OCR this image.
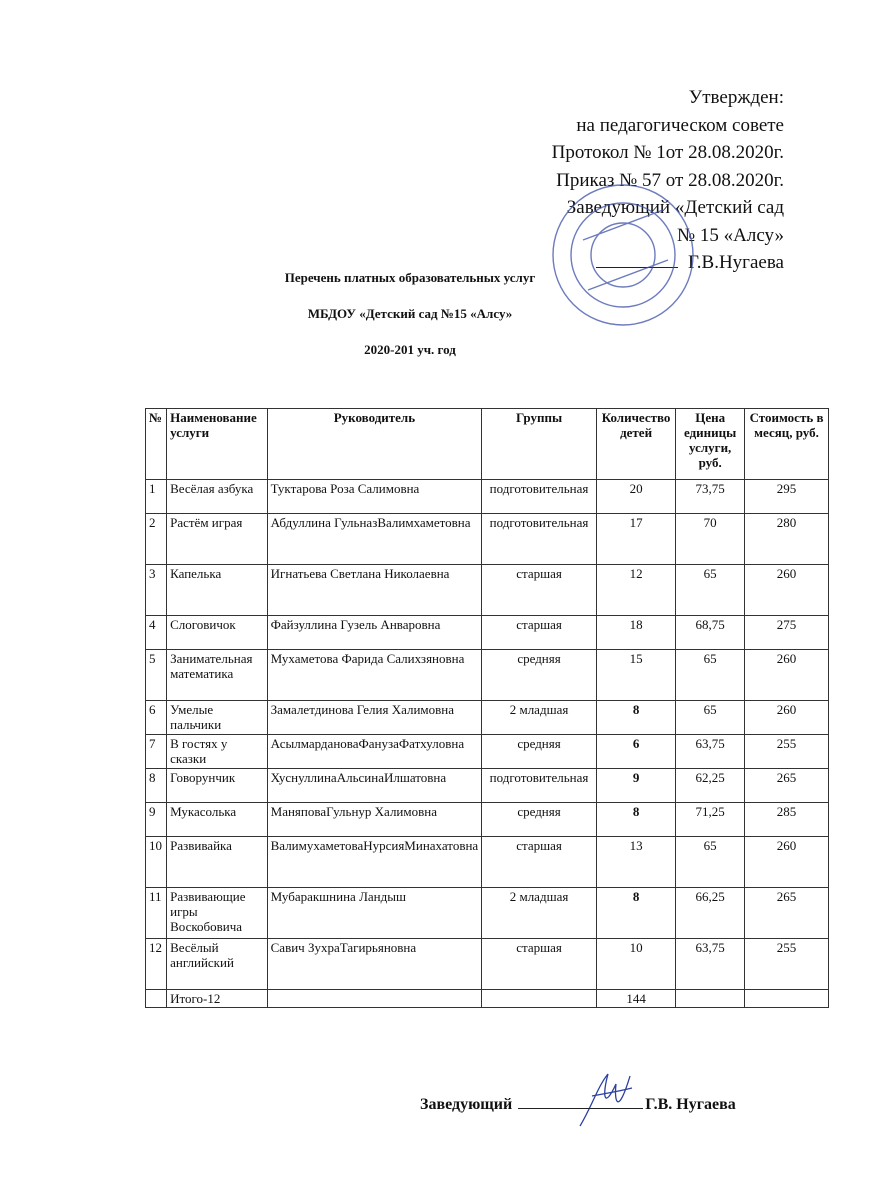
Утвержден:
на педагогическом совете
Протокол № 1от 28.08.2020г.
Приказ № 57 от 28.08.2020г.
Заведующий «Детский сад
№ 15 «Алсу»
Г.В.Нугаева
Перечень платных образовательных услуг
МБДОУ «Детский сад №15 «Алсу»
2020-201 уч. год
№	Наименование услуги	Руководитель	Группы	Количество детей	Цена единицы услуги, руб.	Стоимость в месяц, руб.
1	Весёлая азбука	Туктарова Роза Салимовна	подготовительная	20	73,75	295
2	Растём играя	Абдуллина ГульназВалимхаметовна	подготовительная	17	70	280
3	Капелька	Игнатьева Светлана Николаевна	старшая	12	65	260
4	Слоговичок	Файзуллина Гузель Анваровна	старшая	18	68,75	275
5	Занимательная математика	Мухаметова Фарида Салихзяновна	средняя	15	65	260
6	Умелые пальчики	Замалетдинова Гелия Халимовна	2 младшая	8	65	260
7	В гостях у сказки	АсылмардановаФанузаФатхуловна	средняя	6	63,75	255
8	Говорунчик	ХуснуллинаАльсинаИлшатовна	подготовительная	9	62,25	265
9	Мукасолька	МаняповаГульнур Халимовна	средняя	8	71,25	285
10	Развивайка	ВалимухаметоваНурсияМинахатовна	старшая	13	65	260
11	Развивающие игры Воскобовича	Мубаракшнина Ландыш	2 младшая	8	66,25	265
12	Весёлый английский	Савич ЗухраТагирьяновна	старшая	10	63,75	255
	Итого-12			144		
Заведующий	Г.В. Нугаева
